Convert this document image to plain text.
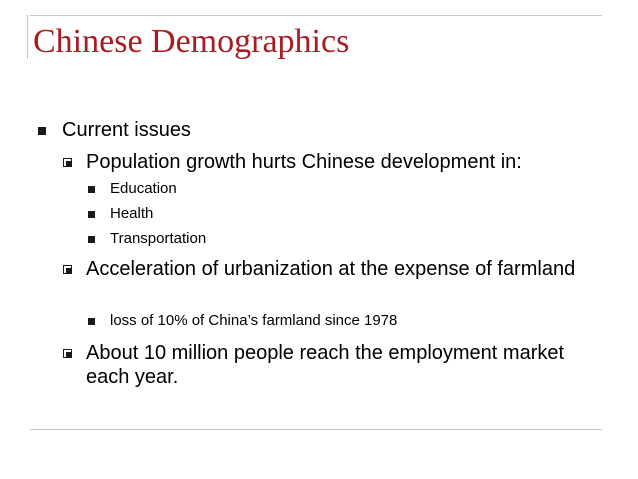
Chinese Demographics
Current issues
Population growth hurts Chinese development in:
Education
Health
Transportation
Acceleration of urbanization at the expense of farmland
loss of 10% of China’s farmland since 1978
About 10 million people reach the employment market each year.
